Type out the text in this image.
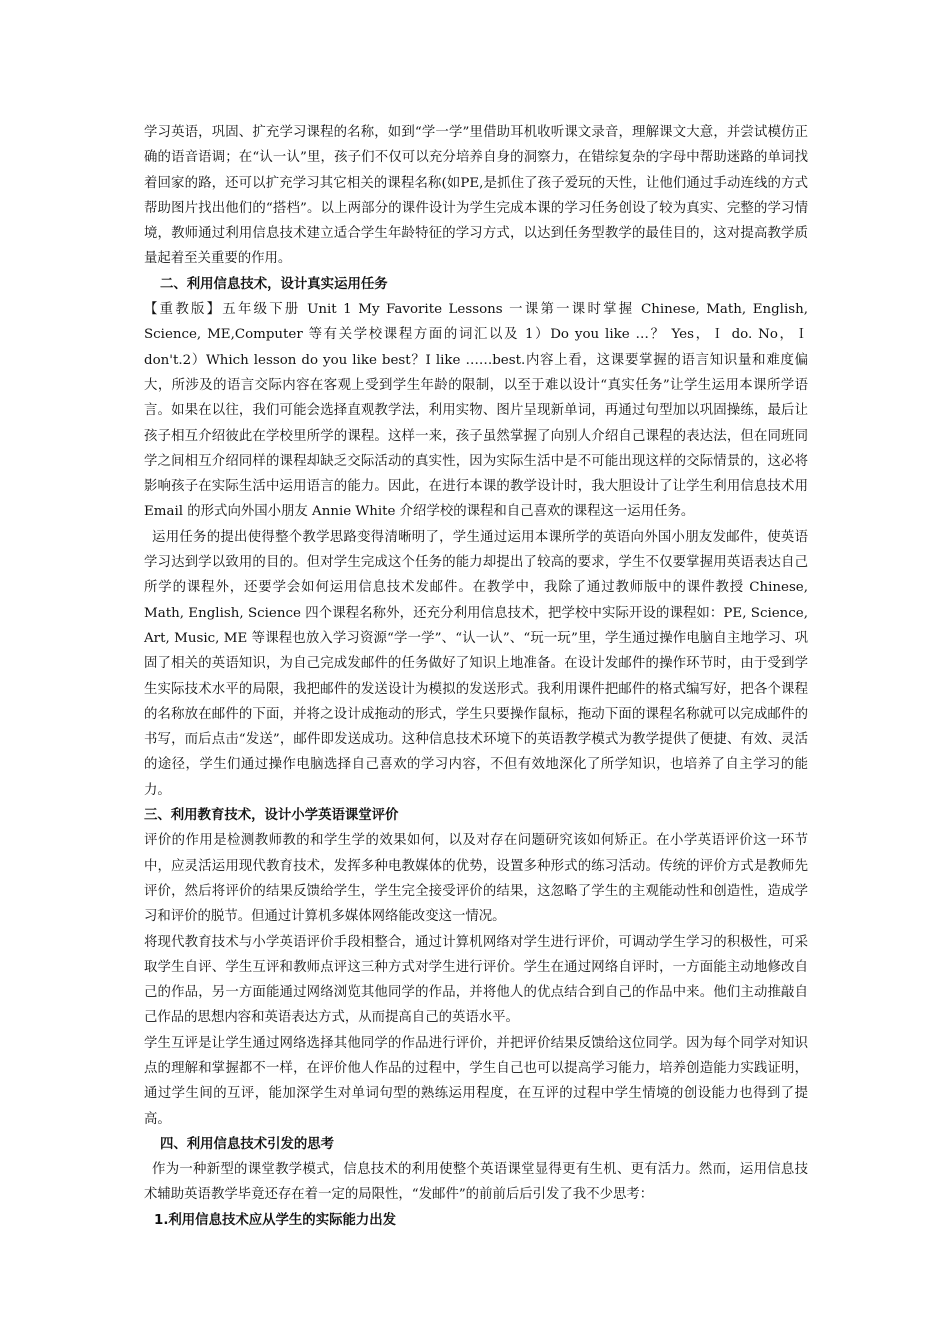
学习英语，巩固、扩充学习课程的名称，如到“学一学”里借助耳机收听课文录音，理解课文大意，并尝试模仿正确的语音语调；在“认一认”里，孩子们不仅可以充分培养自身的洞察力，在错综复杂的字母中帮助迷路的单词找着回家的路，还可以扩充学习其它相关的课程名称(如PE,是抓住了孩子爱玩的天性，让他们通过手动连线的方式帮助图片找出他们的“搭档”。以上两部分的课件设计为学生完成本课的学习任务创设了较为真实、完整的学习情境，教师通过利用信息技术建立适合学生年龄特征的学习方式，以达到任务型教学的最佳目的，这对提高教学质量起着至关重要的作用。

二、利用信息技术，设计真实运用任务

【重教版】五年级下册 Unit 1 My Favorite Lessons 一课第一课时掌握 Chinese, Math, English, Science, ME,Computer 等有关学校课程方面的词汇以及 1）Do you like …？ Yes，Ｉ do. No，Ｉ don't.2）Which lesson do you like best？I like ……best.内容上看，这课要掌握的语言知识量和难度偏大，所涉及的语言交际内容在客观上受到学生年龄的限制，以至于难以设计“真实任务”让学生运用本课所学语言。如果在以往，我们可能会选择直观教学法，利用实物、图片呈现新单词，再通过句型加以巩固操练，最后让孩子相互介绍彼此在学校里所学的课程。这样一来，孩子虽然掌握了向别人介绍自己课程的表达法，但在同班同学之间相互介绍同样的课程却缺乏交际活动的真实性，因为实际生活中是不可能出现这样的交际情景的，这必将影响孩子在实际生活中运用语言的能力。因此，在进行本课的教学设计时，我大胆设计了让学生利用信息技术用 Email 的形式向外国小朋友 Annie White 介绍学校的课程和自己喜欢的课程这一运用任务。

运用任务的提出使得整个教学思路变得清晰明了，学生通过运用本课所学的英语向外国小朋友发邮件，使英语学习达到学以致用的目的。但对学生完成这个任务的能力却提出了较高的要求，学生不仅要掌握用英语表达自己所学的课程外，还要学会如何运用信息技术发邮件。在教学中，我除了通过教师版中的课件教授 Chinese, Math, English, Science 四个课程名称外，还充分利用信息技术，把学校中实际开设的课程如：PE, Science, Art, Music, ME 等课程也放入学习资源“学一学”、“认一认”、“玩一玩”里，学生通过操作电脑自主地学习、巩固了相关的英语知识，为自己完成发邮件的任务做好了知识上地准备。在设计发邮件的操作环节时，由于受到学生实际技术水平的局限，我把邮件的发送设计为模拟的发送形式。我利用课件把邮件的格式编写好，把各个课程的名称放在邮件的下面，并将之设计成拖动的形式，学生只要操作鼠标，拖动下面的课程名称就可以完成邮件的书写，而后点击“发送”，邮件即发送成功。这种信息技术环境下的英语教学模式为教学提供了便捷、有效、灵活的途径，学生们通过操作电脑选择自己喜欢的学习内容，不但有效地深化了所学知识，也培养了自主学习的能力。

三、利用教育技术，设计小学英语课堂评价

评价的作用是检测教师教的和学生学的效果如何，以及对存在问题研究该如何矫正。在小学英语评价这一环节中，应灵活运用现代教育技术，发挥多种电教媒体的优势，设置多种形式的练习活动。传统的评价方式是教师先评价，然后将评价的结果反馈给学生，学生完全接受评价的结果，这忽略了学生的主观能动性和创造性，造成学习和评价的脱节。但通过计算机多媒体网络能改变这一情况。

将现代教育技术与小学英语评价手段相整合，通过计算机网络对学生进行评价，可调动学生学习的积极性，可采取学生自评、学生互评和教师点评这三种方式对学生进行评价。学生在通过网络自评时，一方面能主动地修改自己的作品，另一方面能通过网络浏览其他同学的作品，并将他人的优点结合到自己的作品中来。他们主动推敲自己作品的思想内容和英语表达方式，从而提高自己的英语水平。

学生互评是让学生通过网络选择其他同学的作品进行评价，并把评价结果反馈给这位同学。因为每个同学对知识点的理解和掌握都不一样，在评价他人作品的过程中，学生自己也可以提高学习能力，培养创造能力实践证明，通过学生间的互评，能加深学生对单词句型的熟练运用程度，在互评的过程中学生情境的创设能力也得到了提高。

四、利用信息技术引发的思考

作为一种新型的课堂教学模式，信息技术的利用使整个英语课堂显得更有生机、更有活力。然而，运用信息技术辅助英语教学毕竟还存在着一定的局限性，“发邮件”的前前后后引发了我不少思考：

1.利用信息技术应从学生的实际能力出发
